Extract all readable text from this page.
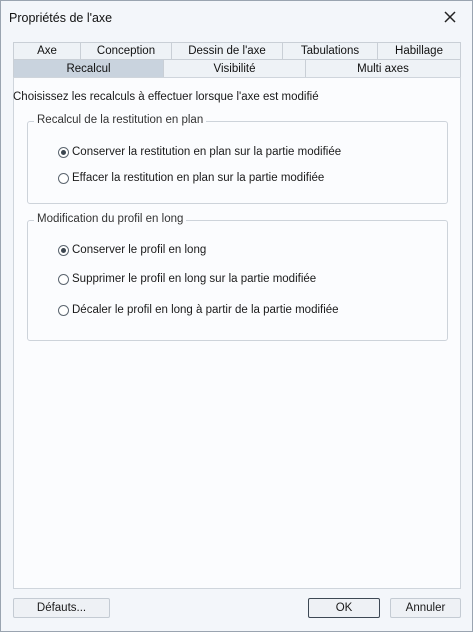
Propriétés de l'axe
Axe	Conception	Dessin de l'axe	Tabulations	Habillage
Recalcul	Visibilité	Multi axes
Choisissez les recalculs à effectuer lorsque l'axe est modifié
Recalcul de la restitution en plan
Conserver la restitution en plan sur la partie modifiée
Effacer la restitution en plan sur la partie modifiée
Modification du profil en long
Conserver le profil en long
Supprimer le profil en long sur la partie modifiée
Décaler le profil en long à partir de la partie modifiée
Défauts...	OK	Annuler
